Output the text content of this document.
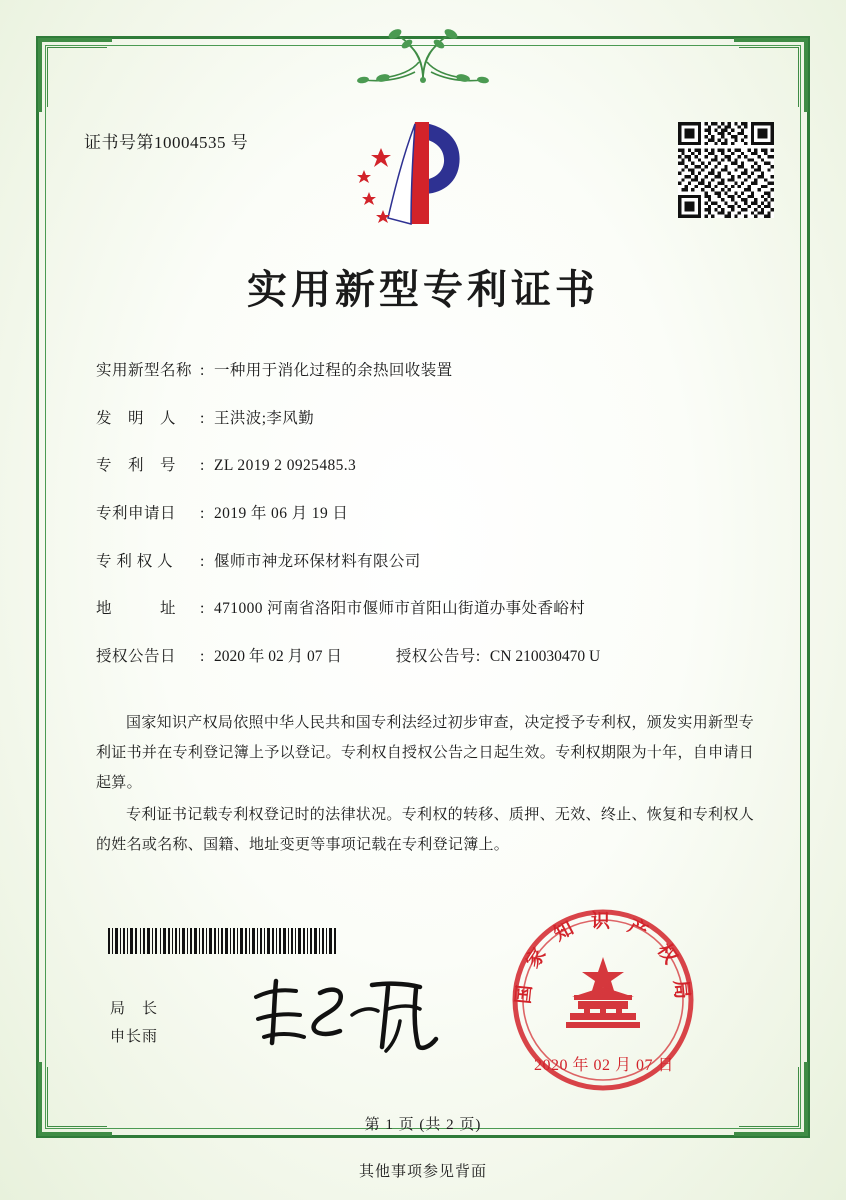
证书号第10004535 号
实用新型专利证书
实用新型名称 : 一种用于消化过程的余热回收装置
发　明　人	: 王洪波;李风勤
专　利　号	: ZL 2019 2 0925485.3
专利申请日	: 2019 年 06 月 19 日
专 利 权 人	: 偃师市神龙环保材料有限公司
地　　　址	: 471000 河南省洛阳市偃师市首阳山街道办事处香峪村
授权公告日	: 2020 年 02 月 07 日	授权公告号 : CN 210030470 U

国家知识产权局依照中华人民共和国专利法经过初步审查，决定授予专利权，颁发实用新型专利证书并在专利登记簿上予以登记。专利权自授权公告之日起生效。专利权期限为十年，自申请日起算。

专利证书记载专利权登记时的法律状况。专利权的转移、质押、无效、终止、恢复和专利权人的姓名或名称、国籍、地址变更等事项记载在专利登记簿上。

局　长
申长雨
国 家 知 识 产 权 局
2020 年 02 月 07 日
第 1 页 (共 2 页)
其他事项参见背面
